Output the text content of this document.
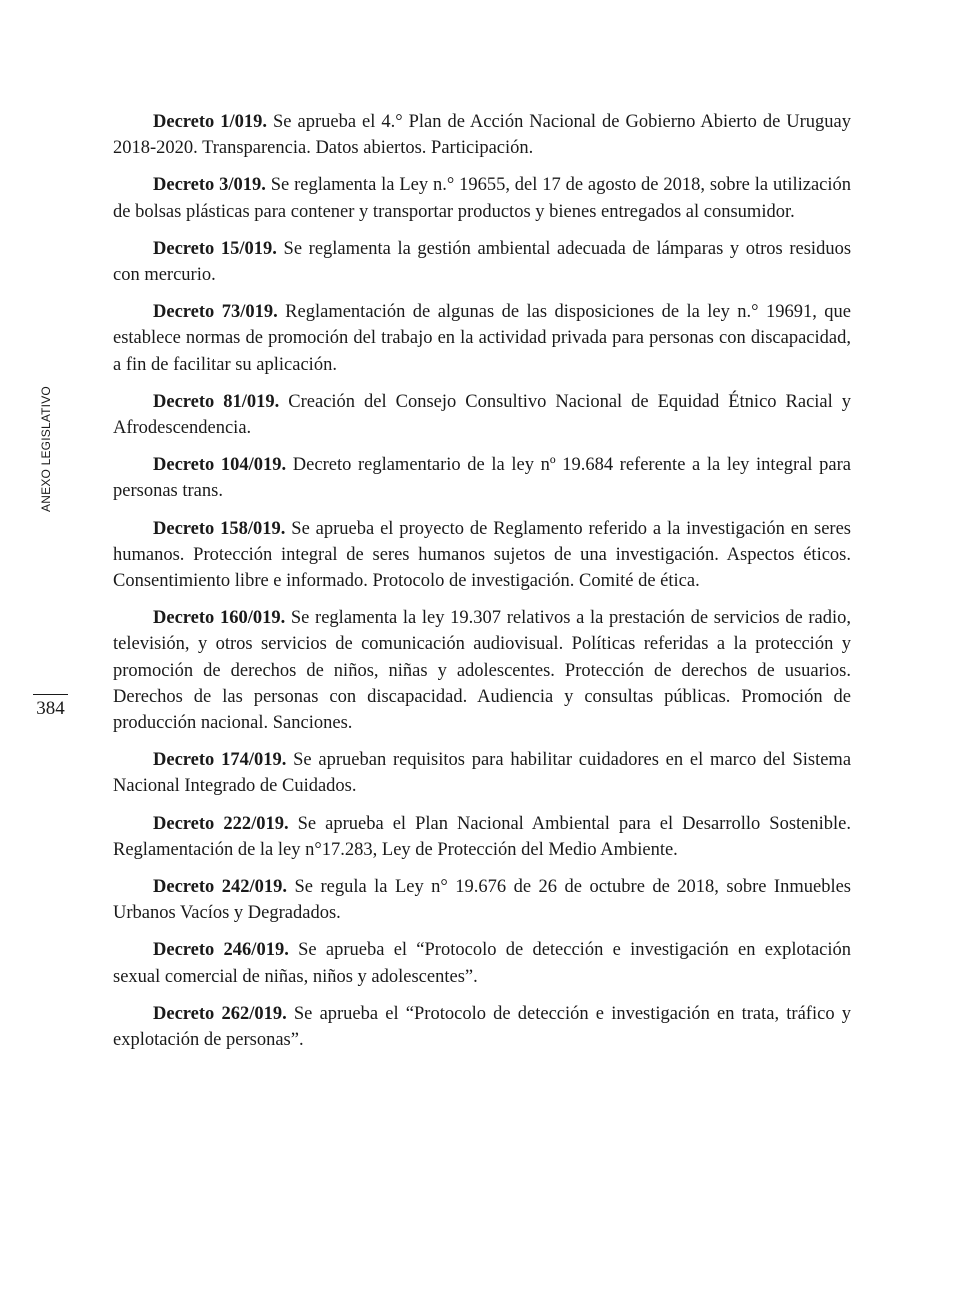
ANEXO LEGISLATIVO
384

Decreto 1/019. Se aprueba el 4.° Plan de Acción Nacional de Gobierno Abierto de Uruguay 2018-2020. Transparencia. Datos abiertos. Participación.

Decreto 3/019. Se reglamenta la Ley n.° 19655, del 17 de agosto de 2018, sobre la utilización de bolsas plásticas para contener y transportar productos y bienes entregados al consumidor.

Decreto 15/019. Se reglamenta la gestión ambiental adecuada de lámparas y otros residuos con mercurio.

Decreto 73/019. Reglamentación de algunas de las disposiciones de la ley n.° 19691, que establece normas de promoción del trabajo en la actividad privada para personas con discapacidad, a fin de facilitar su aplicación.

Decreto 81/019. Creación del Consejo Consultivo Nacional de Equidad Étnico Racial y Afrodescendencia.

Decreto 104/019. Decreto reglamentario de la ley nº 19.684 referente a la ley integral para personas trans.

Decreto 158/019. Se aprueba el proyecto de Reglamento referido a la investigación en seres humanos. Protección integral de seres humanos sujetos de una investigación. Aspectos éticos. Consentimiento libre e informado. Protocolo de investigación. Comité de ética.

Decreto 160/019. Se reglamenta la ley 19.307 relativos a la prestación de servicios de radio, televisión, y otros servicios de comunicación audiovisual. Políticas referidas a la protección y promoción de derechos de niños, niñas y adolescentes. Protección de derechos de usuarios. Derechos de las personas con discapacidad. Audiencia y consultas públicas. Promoción de producción nacional. Sanciones.

Decreto 174/019. Se aprueban requisitos para habilitar cuidadores en el marco del Sistema Nacional Integrado de Cuidados.

Decreto 222/019. Se aprueba el Plan Nacional Ambiental para el Desarrollo Sostenible. Reglamentación de la ley n°17.283, Ley de Protección del Medio Ambiente.

Decreto 242/019. Se regula la Ley n° 19.676 de 26 de octubre de 2018, sobre Inmuebles Urbanos Vacíos y Degradados.

Decreto 246/019. Se aprueba el “Protocolo de detección e investigación en explotación sexual comercial de niñas, niños y adolescentes”.

Decreto 262/019. Se aprueba el “Protocolo de detección e investigación en trata, tráfico y explotación de personas”.
